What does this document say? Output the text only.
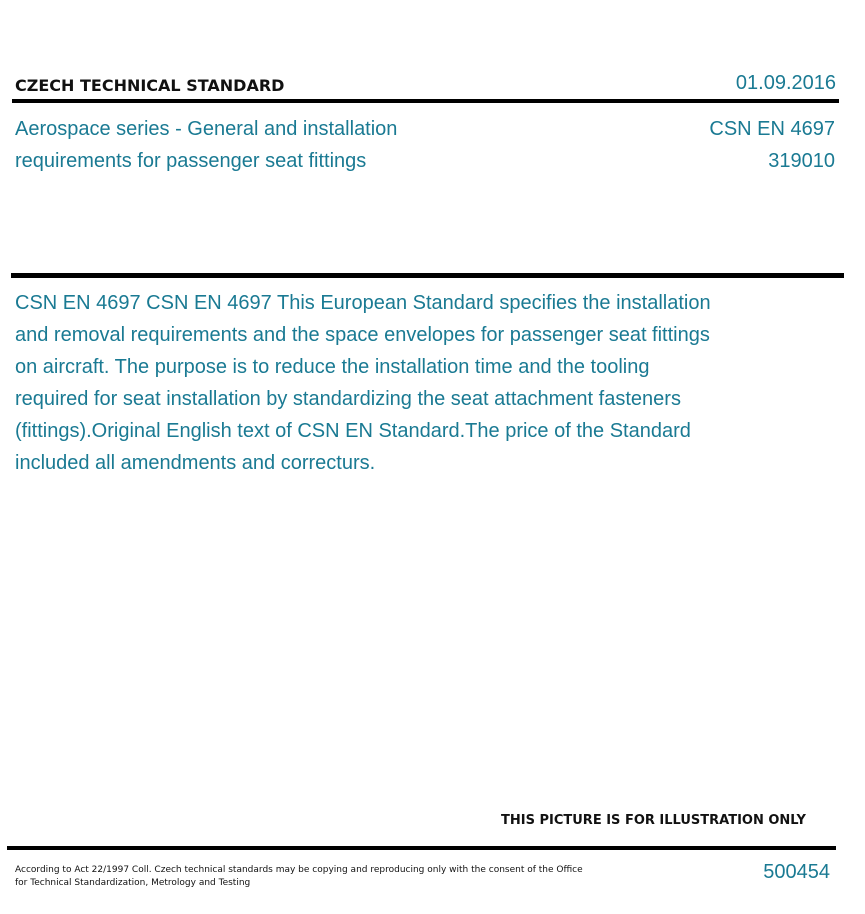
CZECH TECHNICAL STANDARD	01.09.2016
Aerospace series - General and installation
requirements for passenger seat fittings
CSN EN 4697
319010
CSN EN 4697 CSN EN 4697 This European Standard specifies the installation
and removal requirements and the space envelopes for passenger seat fittings
on aircraft. The purpose is to reduce the installation time and the tooling
required for seat installation by standardizing the seat attachment fasteners
(fittings).Original English text of CSN EN Standard.The price of the Standard
included all amendments and correcturs.
THIS PICTURE IS FOR ILLUSTRATION ONLY
According to Act 22/1997 Coll. Czech technical standards may be copying and reproducing only with the consent of the Office
for Technical Standardization, Metrology and Testing	500454
